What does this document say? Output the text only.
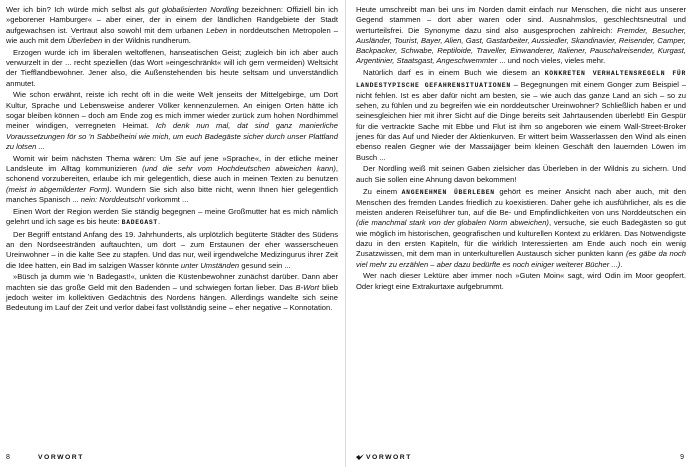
Wer ich bin? Ich würde mich selbst als gut globalisierten Nordling bezeichnen: Offiziell bin ich »geborener Hamburger« – aber einer, der in einem der ländlichen Randgebiete der Stadt aufgewachsen ist. Vertraut also sowohl mit dem urbanen Leben in norddeutschen Metropolen – wie auch mit dem Überleben in der Wildnis rundherum.

Erzogen wurde ich im liberalen weltoffenen, hanseatischen Geist; zugleich bin ich aber auch verwurzelt in der ... recht speziellen (das Wort »eingeschränkt« will ich gern vermeiden) Weltsicht der Tiefflandbewohner. Jener also, die Außenstehenden bis heute seltsam und unverständlich anmutet.

Wie schon erwähnt, reiste ich recht oft in die weite Welt jenseits der Mittelgebirge, um Dort Kultur, Sprache und Lebensweise anderer Völker kennenzulernen. An einigen Orten hätte ich sogar bleiben können – doch am Ende zog es mich immer wieder zurück zum hohen Nordhimmel meiner windigen, verregneten Heimat. Ich denk nun mal, dat sind ganz manierliche Voraussetzungen för so 'n Sabbelheini wie mich, um euch Badegäste sicher durch unser Plattland zu lotsen ...

Womit wir beim nächsten Thema wären: Um Sie auf jene »Sprache«, in der etliche meiner Landsleute im Alltag kommunizieren (und die sehr vom Hochdeutschen abweichen kann), schonend vorzubereiten, erlaube ich mir gelegentlich, diese auch in meinen Texten zu benutzen (meist in abgemilderter Form). Wundern Sie sich also bitte nicht, wenn Ihnen hier gelegentlich manches Spanisch ... nein: Norddeutsch! vorkommt ...

Einen Wort der Region werden Sie ständig begegnen – meine Großmutter hat es mich nämlich gelehrt und ich sage es bis heute: BADEGAST.

Der Begriff entstand Anfang des 19. Jahrhunderts, als urplötzlich begüterte Städter des Südens an den Nordseestränden auftauchten, um dort – zum Erstaunen der eher wasserscheuen Ureinwohner – in die kalte See zu stapfen. Und das nur, weil irgendwelche Medizingurus ihrer Zeit die Idee hatten, ein Bad im salzigen Wasser könnte unter Umständen gesund sein ...

»Büsch ja dumm wie 'n Badegast!«, unkten die Küstenbewohner zunächst darüber. Dann aber machten sie das große Geld mit den Badenden – und schwiegen fortan lieber. Das B-Wort blieb jedoch weiter im kollektiven Gedächtnis des Nordens hängen. Allerdings wandelte sich seine Bedeutung im Lauf der Zeit und verlor dabei fast vollständig seine – eher negative – Konnotation.

8	VORWORT

Heute umschreibt man bei uns im Norden damit einfach nur Menschen, die nicht aus unserer Gegend stammen – dort aber waren oder sind. Ausnahmslos, geschlechtsneutral und werturteilsfrei. Die Synonyme dazu sind also ausgesprochen zahlreich: Fremder, Besucher, Ausländer, Tourist, Bayer, Alien, Gast, Gastarbeiter, Aussiedler, Skandinavier, Reisender, Camper, Backpacker, Schwabe, Reptiloide, Traveller, Einwanderer, Italiener, Pauschalreisender, Kurgast, Argentinier, Staatsgast, Angeschwemmter ... und noch vieles, vieles mehr.

Natürlich darf es in einem Buch wie diesem an KONKRETEN VERHALTENSREGELN FÜR LANDESTYPISCHE GEFAHRENSITUATIONEN – Begegnungen mit einem Gonger zum Beispiel – nicht fehlen. Ist es aber dafür nicht am besten, sie – wie auch das ganze Land an sich – so zu sehen, zu fühlen und zu begreifen wie ein norddeutscher Ureinwohner? Schließlich haben er und seinesgleichen hier mit ihrer Sicht auf die Dinge bereits seit Jahrtausenden überlebt! Ein Gespür für die vertrackte Sache mit Ebbe und Flut ist ihm so angeboren wie einem Wall-Street-Broker jenes für das Auf und Nieder der Aktienkurven. Er wittert beim Wasserlassen den Wind als einen ebenso realen Gegner wie der Massaijäger beim kleinen Geschäft den lauernden Löwen im Busch ...

Der Nordling weiß mit seinen Gaben zielsicher das Überleben in der Wildnis zu sichern. Und auch Sie sollen eine Ahnung davon bekommen!

Zu einem ANGENEHMEN ÜBERLEBEN gehört es meiner Ansicht nach aber auch, mit den Menschen des fremden Landes friedlich zu koexistieren. Daher gehe ich ausführlicher, als es die meisten anderen Reiseführer tun, auf die Be- und Empfindlichkeiten von uns Norddeutschen ein (die manchmal stark von der globalen Norm abweichen), versuche, sie euch Badegästen so gut wie möglich im historischen, geografischen und kulturellen Kontext zu erklären. Das Notwendigste dazu in den ersten Kapiteln, für die wirklich Interessierten am Ende auch noch ein wenig Zusatzwissen, mit dem man in unterkulturellen Austausch sicher punkten kann (es gäbe da noch viel mehr zu erzählen – aber dazu bedürfte es noch einiger weiterer Bücher ...).

Wer nach dieser Lektüre aber immer noch »Guten Moin« sagt, wird Odin im Moor geopfert. Oder kriegt eine Extrakurtaxe aufgebrummt.

VORWORT	9
